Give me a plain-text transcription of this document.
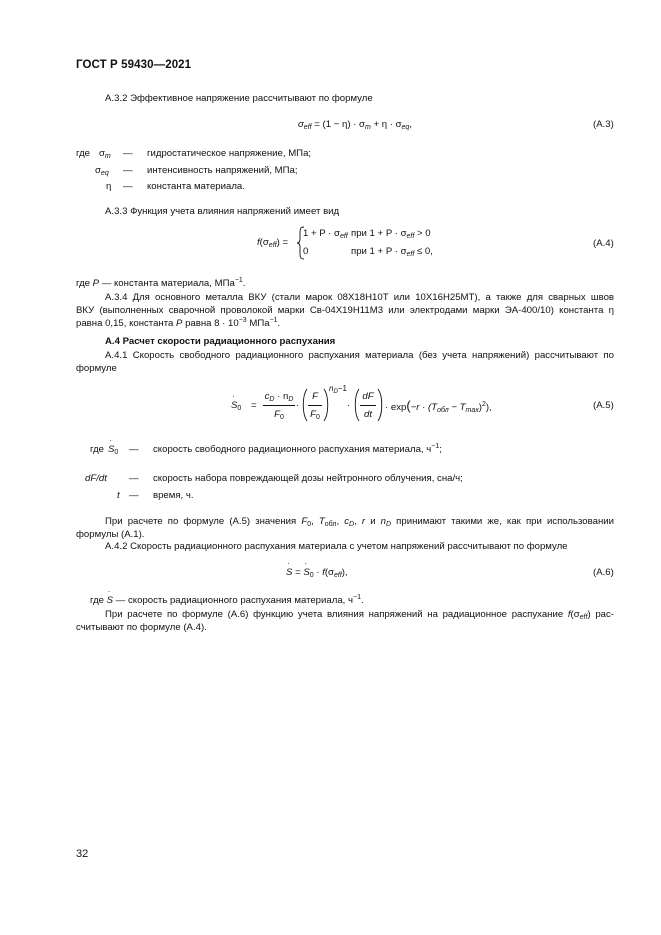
ГОСТ Р 59430—2021
А.3.2 Эффективное напряжение рассчитывают по формуле
$\sigma_{eff} = (1 - \eta) \cdot \sigma_m + \eta \cdot \sigma_{eq}$,	(А.3)
где $\sigma_m$ — гидростатическое напряжение, МПа;
$\sigma_{eq}$ — интенсивность напряжений, МПа;
η — константа материала.
А.3.3 Функция учета влияния напряжений имеет вид
$f(\sigma_{eff})$ =
$1 + P \cdot \sigma_{eff}$ при $1 + P \cdot \sigma_{eff} > 0$
0	при $1 + P \cdot \sigma_{eff} \le 0$,
(А.4)
где P — константа материала, МПа$^{-1}$.
А.3.4 Для основного металла ВКУ (стали марок 08Х18Н10Т или 10Х16Н25МТ), а также для сварных швов
ВКУ (выполненных сварочной проволокой марки Св-04Х19Н11М3 или электродами марки ЭА-400/10) константа η
равна 0,15, константа P равна $8 \cdot 10^{-3}$ МПа$^{-1}$.
А.4 Расчет скорости радиационного распухания
А.4.1 Скорость свободного радиационного распухания материала (без учета напряжений) рассчитывают по
формуле
·
$S_0$ =
$c_D \cdot n_D$
$F_0$
·
F
$F_0$
$n_D-1$
·
dF
dt
· $\exp(-r \cdot (T_{обл} - T_{max})^2)$,	(А.5)
где
·
$S_0$ — скорость свободного радиационного распухания материала, $ч^{-1}$;
dF/dt — скорость набора повреждающей дозы нейтронного облучения, сна/ч;
t — время, ч.
При расчете по формуле (А.5) значения $F_0$, $T_{обл}$, $c_D$, r и $n_D$ принимают такими же, как при использовании
формулы (А.1).
А.4.2 Скорость радиационного распухания материала с учетом напряжений рассчитывают по формуле
·
S =
·
$S_0 \cdot f(\sigma_{eff})$,	(А.6)
где
·
S — скорость радиационного распухания материала, $ч^{-1}$.
При расчете по формуле (А.6) функцию учета влияния напряжений на радиационное распухание $f(\sigma_{eff})$ рас-
считывают по формуле (А.4).
32
